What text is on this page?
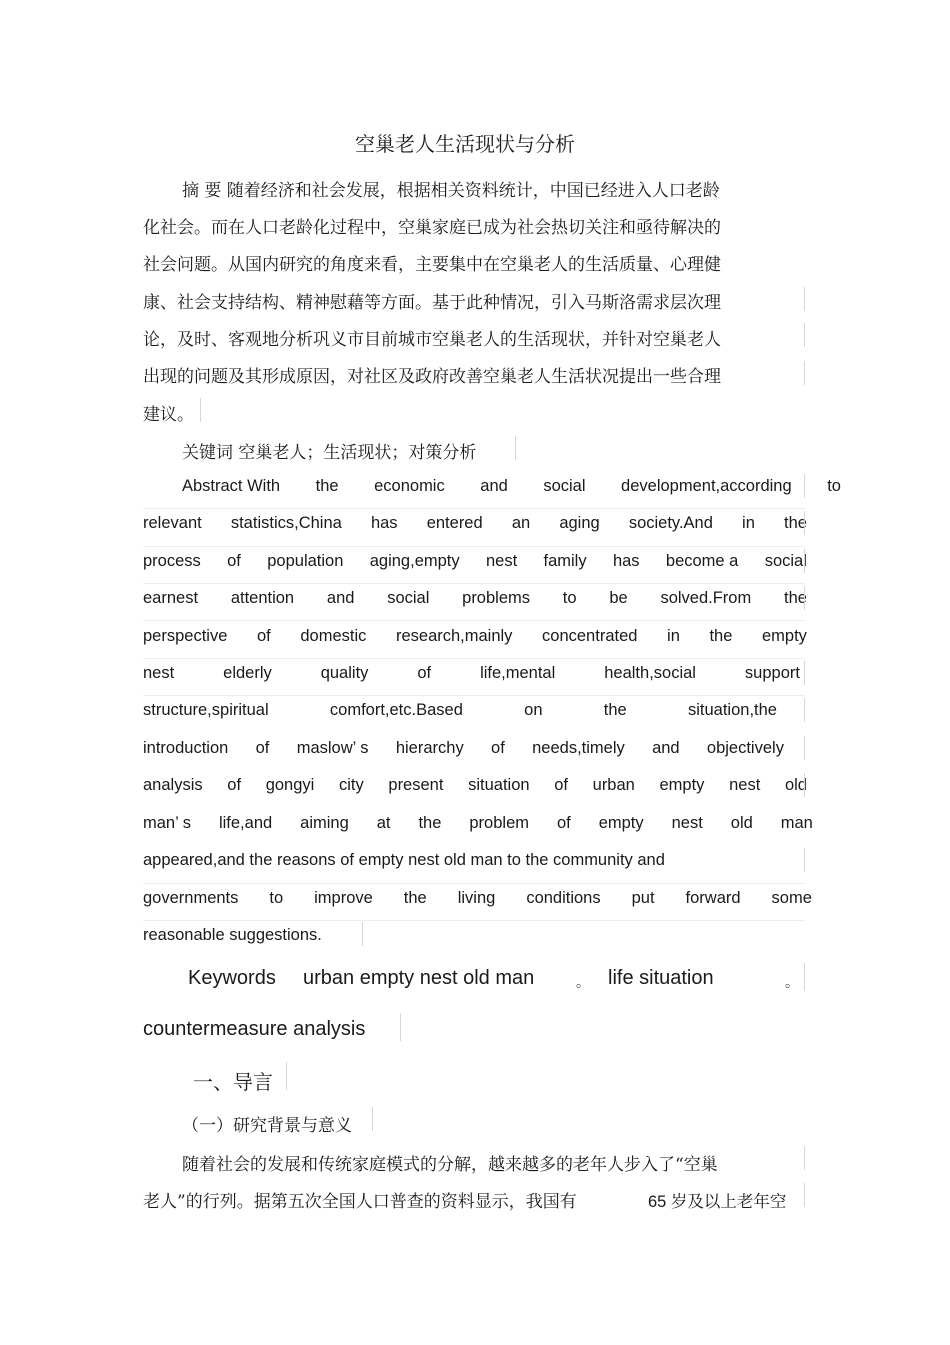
空巢老人生活现状与分析
摘 要 随着经济和社会发展，根据相关资料统计，中国已经进入人口老龄
化社会。而在人口老龄化过程中，空巢家庭已成为社会热切关注和亟待解决的
社会问题。从国内研究的角度来看，主要集中在空巢老人的生活质量、心理健
康、社会支持结构、精神慰藉等方面。基于此种情况，引入马斯洛需求层次理
论，及时、客观地分析巩义市目前城市空巢老人的生活现状，并针对空巢老人
出现的问题及其形成原因，对社区及政府改善空巢老人生活状况提出一些合理
建议。
关键词 空巢老人；生活现状；对策分析
Abstract With the economic and social development,according to
relevant statistics,China has entered an aging society.And in the
process of population aging,empty nest family has become a social
earnest attention and social problems to be solved.From the
perspective of domestic research,mainly concentrated in the empty
nest	elderly	quality	of	life,mental	health,social	support
structure,spiritual	comfort,etc.Based	on	the	situation,the
introduction of maslow’ s hierarchy of needs,timely and objectively
analysis of gongyi city present situation of urban empty nest old
man’ s life,and aiming at the problem of empty nest old man
appeared,and the reasons of empty nest old man to the community and
governments to improve the living conditions put forward some
reasonable suggestions.
Keywords urban empty nest old man	。 life situation	。
countermeasure analysis
一、导言
（一）研究背景与意义
随着社会的发展和传统家庭模式的分解，越来越多的老年人步入了“空巢
老人”的行列。据第五次全国人口普查的资料显示，我国有	65 岁及以上老年空
